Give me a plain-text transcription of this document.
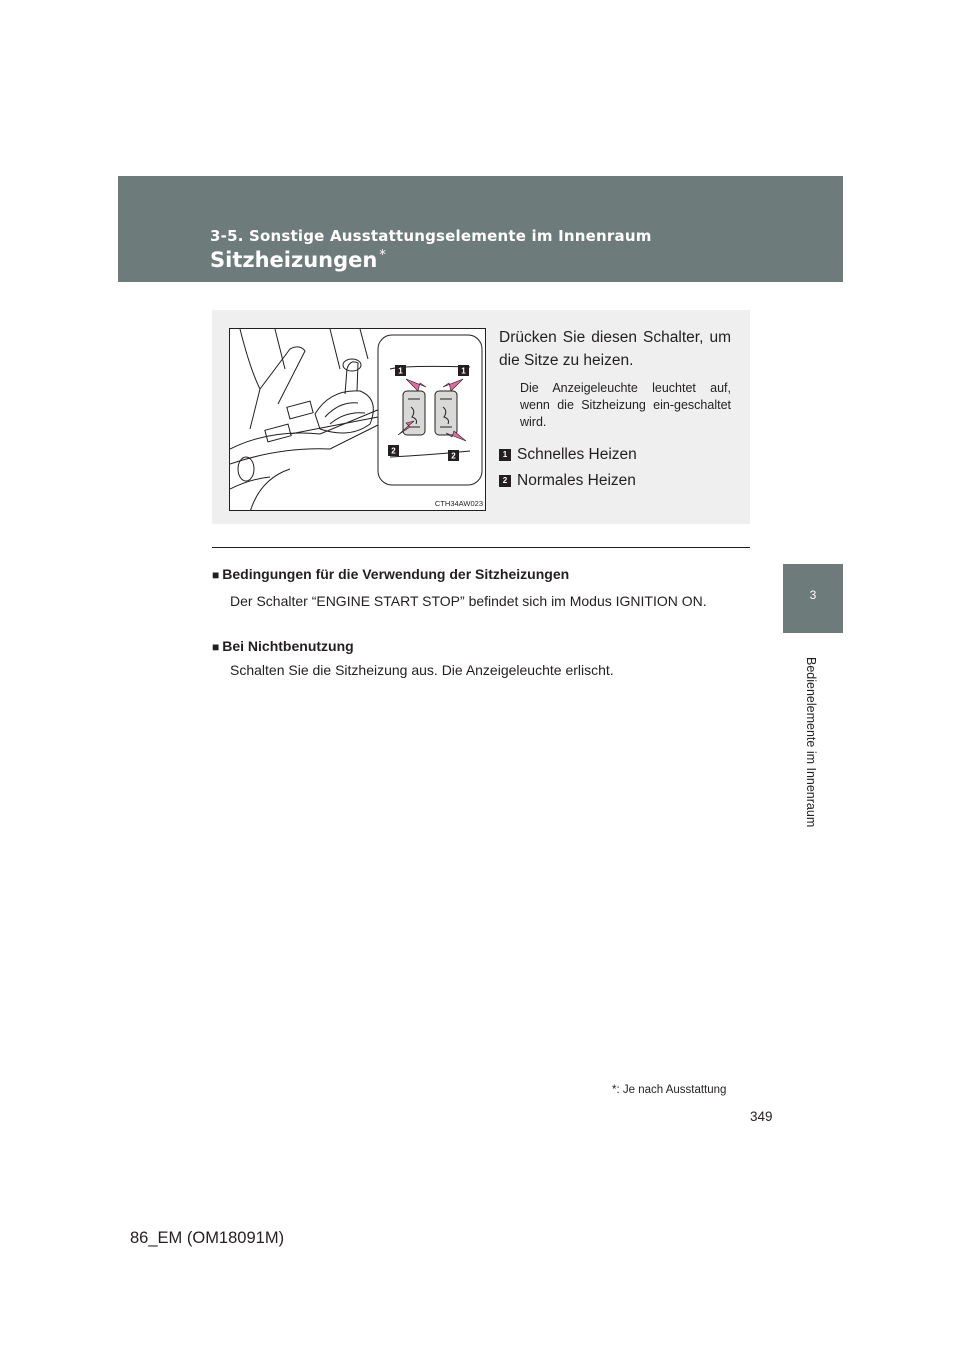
3-5. Sonstige Ausstattungselemente im Innenraum
Sitzheizungen *
3
Bedienelemente im Innenraum
1	1
2
2
CTH34AW023
Drücken Sie diesen Schalter, um die Sitze zu heizen.
Die Anzeigeleuchte leuchtet auf, wenn die Sitzheizung ein-geschaltet wird.
1 Schnelles Heizen
2 Normales Heizen
■ Bedingungen für die Verwendung der Sitzheizungen
Der Schalter “ENGINE START STOP” befindet sich im Modus IGNITION ON.
■ Bei Nichtbenutzung
Schalten Sie die Sitzheizung aus. Die Anzeigeleuchte erlischt.
*: Je nach Ausstattung
349
86_EM (OM18091M)
